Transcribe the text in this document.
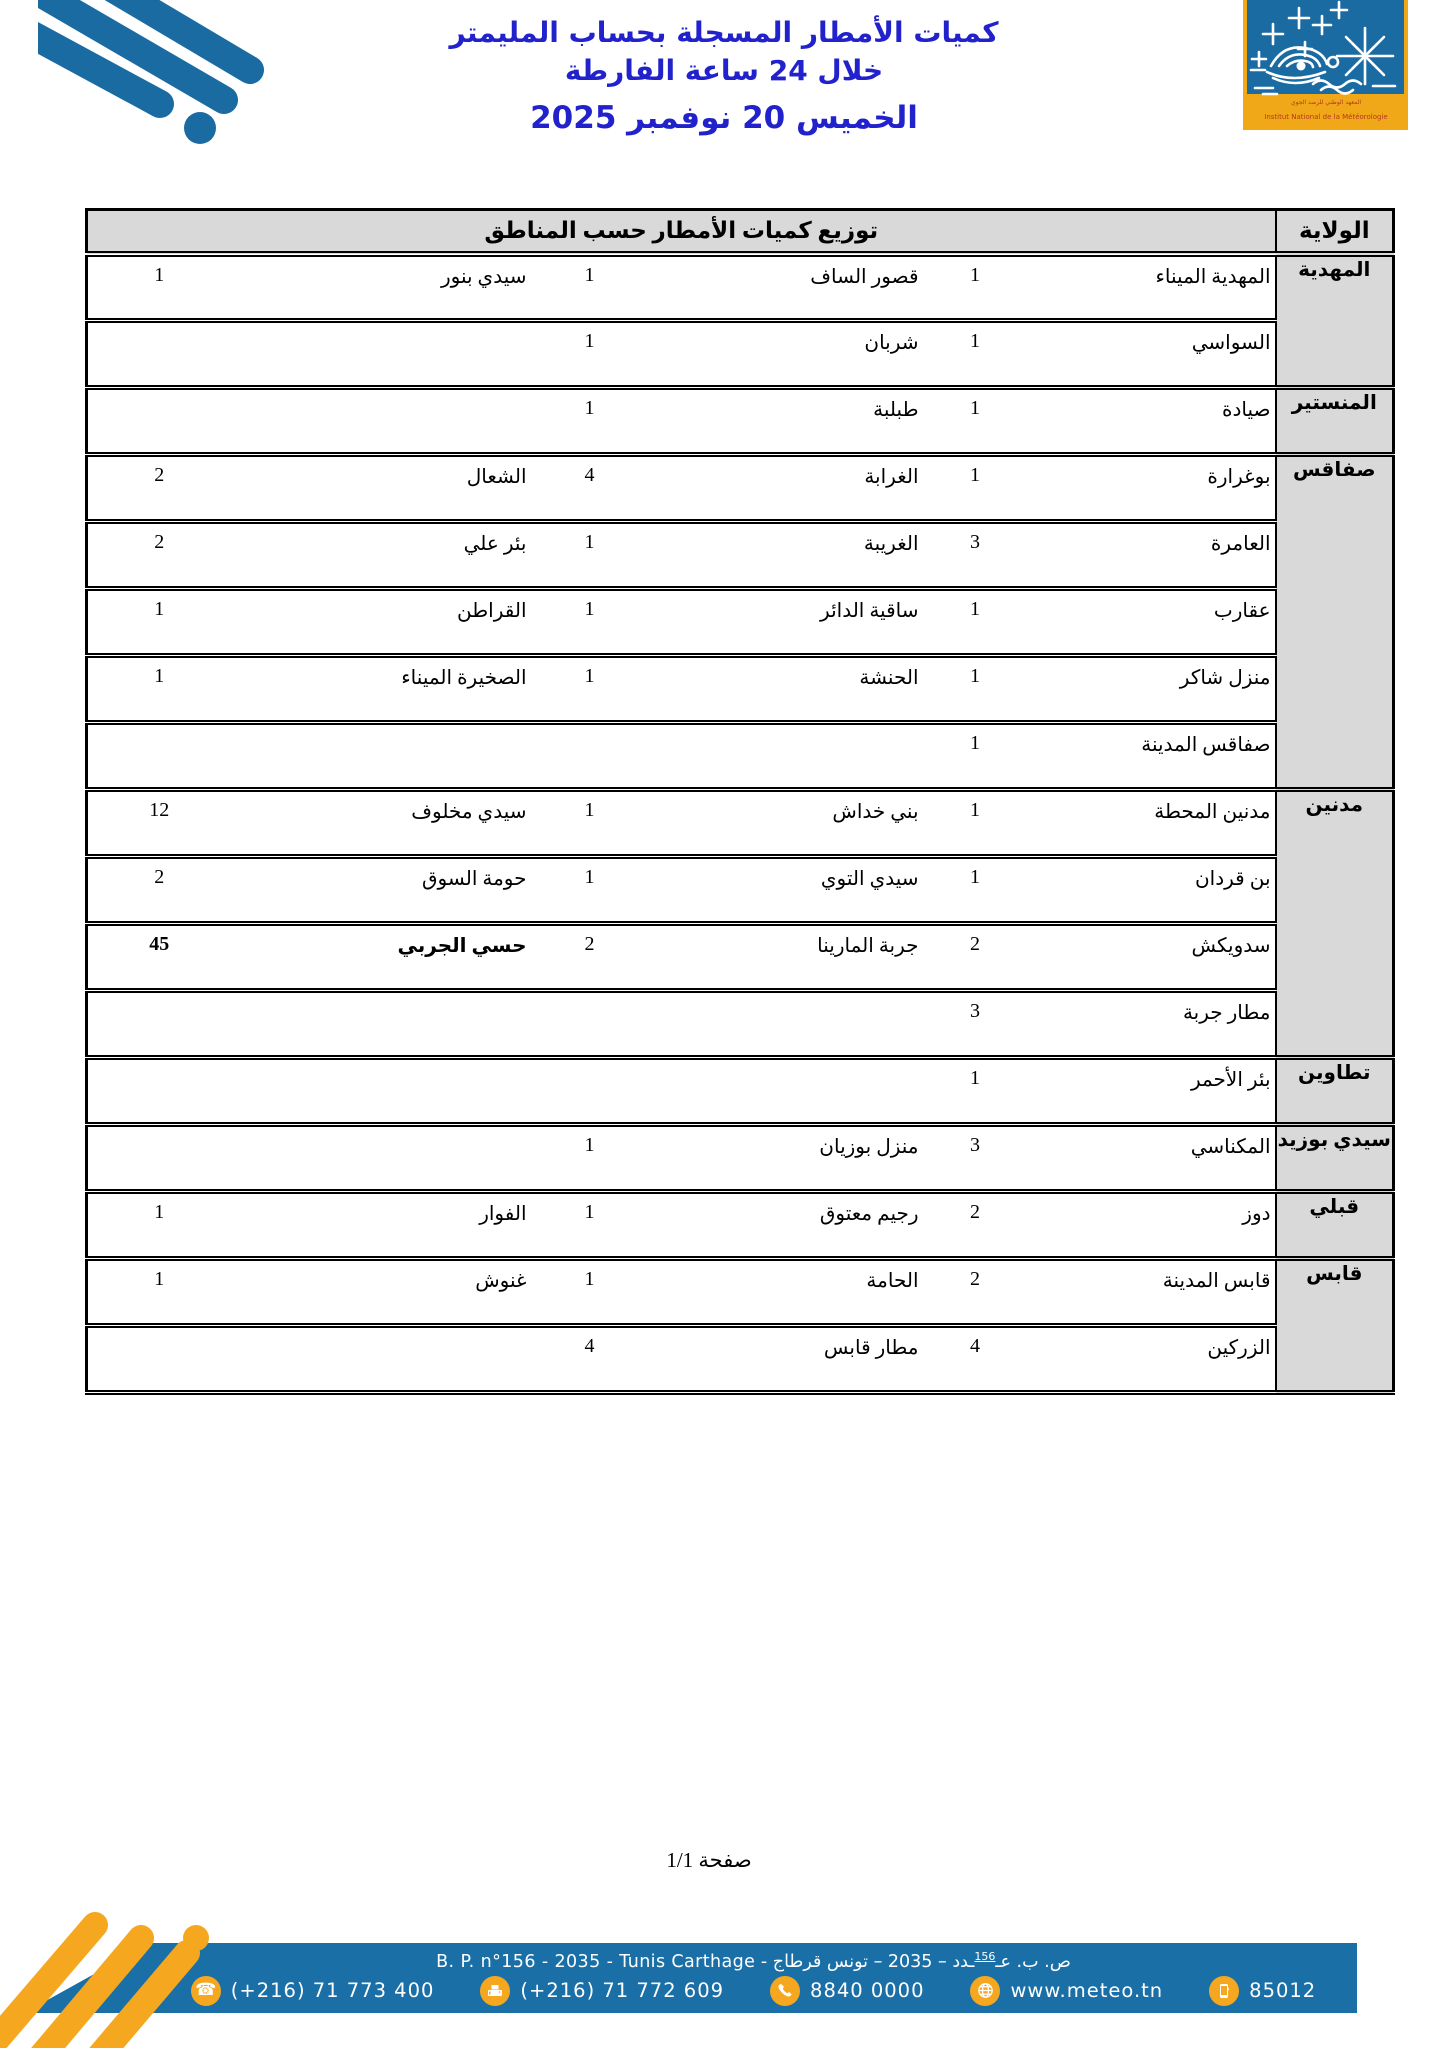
كميات الأمطار المسجلة بحساب المليمتر
خلال 24 ساعة الفارطة
الخميس 20 نوفمبر 2025	المعهد الوطني للرصد الجوي
Institut National de la Météorologie
الولاية	توزيع كميات الأمطار حسب المناطق					
المهدية	المهدية الميناء	1	قصور الساف	1	سيدي بنور	1
	السواسي	1	شربان	1		
المنستير	صيادة	1	طبلبة	1		
صفاقس	بوغرارة	1	الغرابة	4	الشعال	2
	العامرة	3	الغريبة	1	بئر علي	2
	عقارب	1	ساقية الدائر	1	القراطن	1
	منزل شاكر	1	الحنشة	1	الصخيرة الميناء	1
	صفاقس المدينة	1				
مدنين	مدنين المحطة	1	بني خداش	1	سيدي مخلوف	12
	بن قردان	1	سيدي التوي	1	حومة السوق	2
	سدويكش	2	جربة المارينا	2	حسي الجربي	45
	مطار جربة	3				
تطاوين	بئر الأحمر	1				
سيدي بوزيد	المكناسي	3	منزل بوزيان	1		
قبلي	دوز	2	رجيم معتوق	1	الفوار	1
قابس	قابس المدينة	2	الحامة	1	غنوش	1
	الزركين	4	مطار قابس	4		
صفحة 1/1
ص. ب. عـ$^{156}$ـدد – 2035 – تونس قرطاج - B. P. n°156 - 2035 - Tunis Carthage
☎ (+216) 71 773 400	(+216) 71 772 609	8840 0000	www.meteo.tn	85012
